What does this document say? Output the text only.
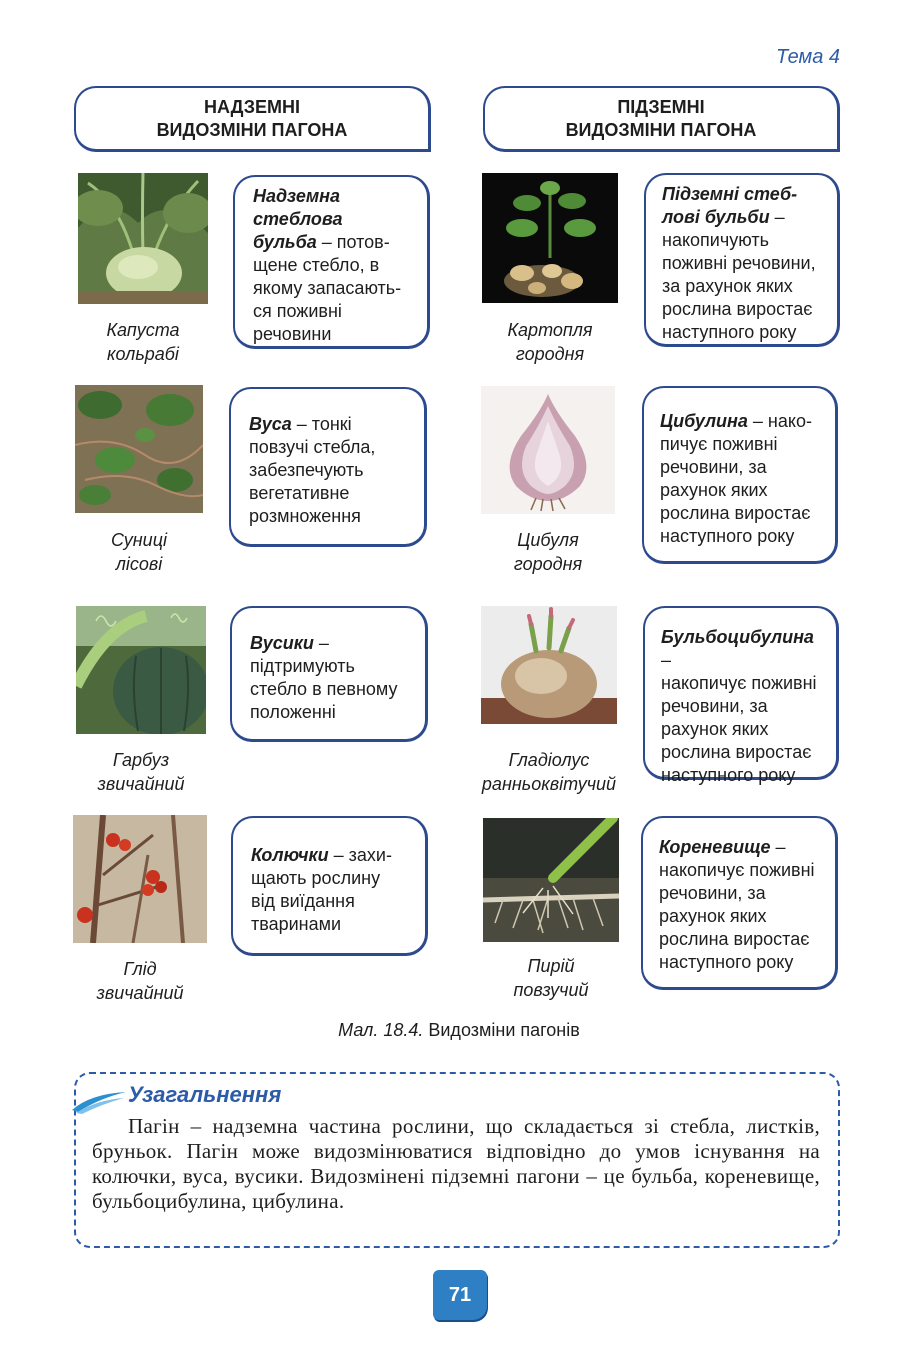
Тема 4
НАДЗЕМНІ
ВИДОЗМІНИ ПАГОНА
ПІДЗЕМНІ
ВИДОЗМІНИ ПАГОНА
Капуста
кольрабі
Надземна
стеблова
бульба – потов-
щене стебло, в
якому запасають-
ся поживні
речовини
Суниці
лісові
Вуса – тонкі
повзучі стебла,
забезпечують
вегетативне
розмноження
Гарбуз
звичайний
Вусики –
підтримують
стебло в певному
положенні
Глід
звичайний
Колючки – захи-
щають рослину
від виїдання
тваринами
Картопля
городня
Підземні стеб-
лові бульби –
накопичують
поживні речовини,
за рахунок яких
рослина виростає
наступного року
Цибуля
городня
Цибулина – нако-
пичує поживні
речовини, за
рахунок яких
рослина виростає
наступного року
Гладіолус
ранньоквітучий
Бульбоцибулина –
накопичує поживні
речовини, за
рахунок яких
рослина виростає
наступного року
Пирій
повзучий
Кореневище –
накопичує поживні
речовини, за
рахунок яких
рослина виростає
наступного року
Мал. 18.4. Видозміни пагонів
Узагальнення
Пагін – надземна частина рослини, що складається зі стебла, листків, бруньок. Пагін може видозмінюватися відповідно до умов існування на колючки, вуса, вусики. Видозмінені підземні пагони – це бульба, кореневище, бульбоцибулина, цибулина.
71
